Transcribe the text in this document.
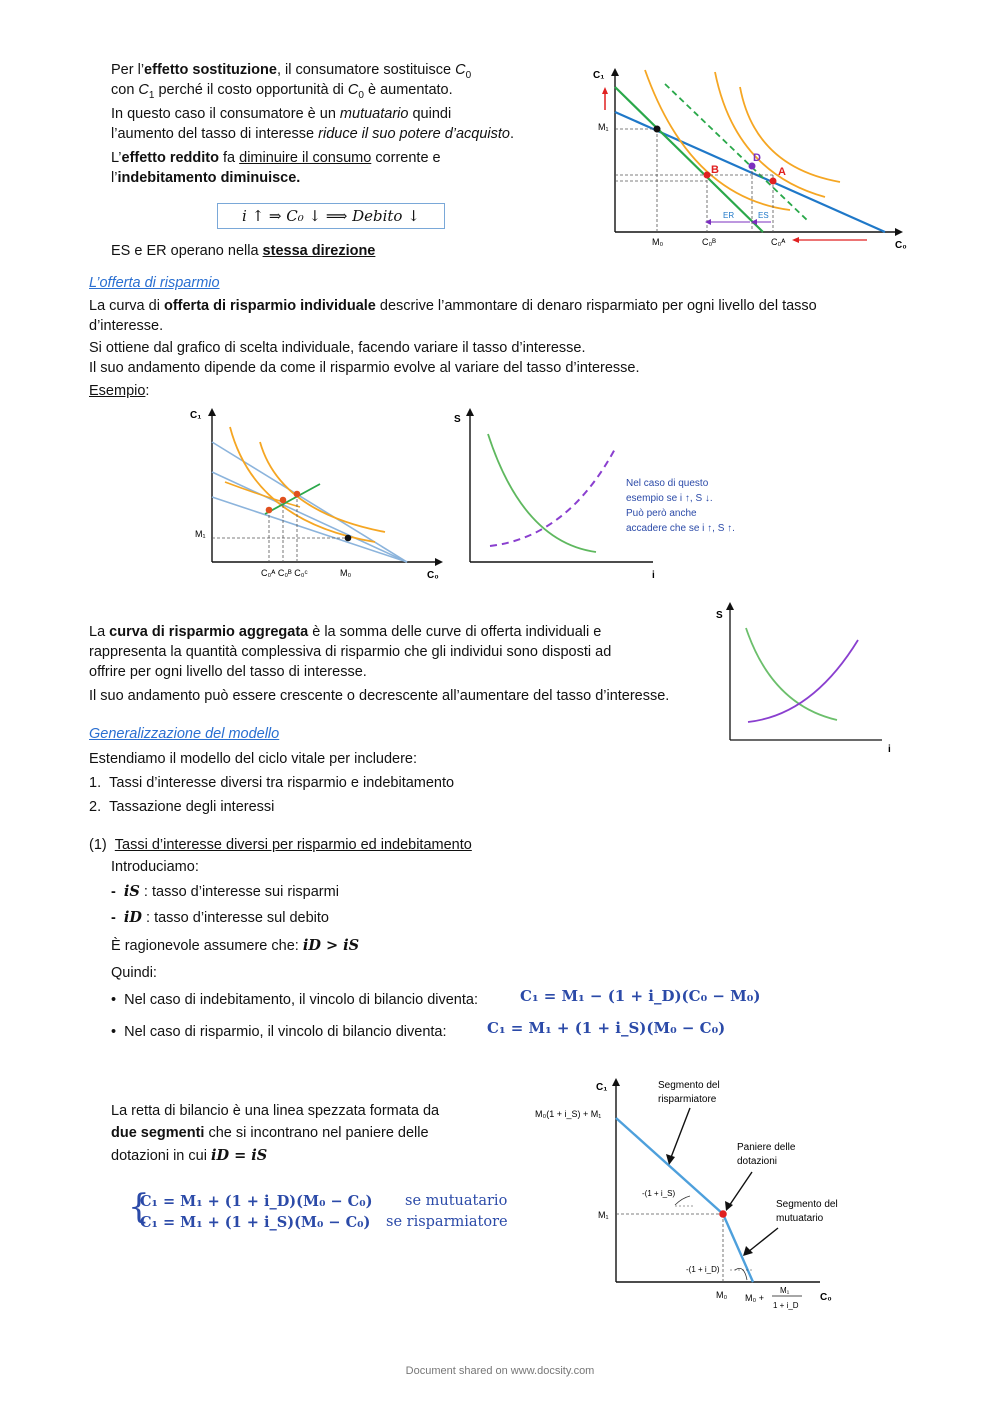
Per l’effetto sostituzione, il consumatore sostituisce $C_0$
con $C_1$ perché il costo opportunità di $C_0$ è aumentato.
In questo caso il consumatore è un mutuatario quindi
l’aumento del tasso di interesse riduce il suo potere d’acquisto.
L’effetto reddito fa diminuire il consumo corrente e
l’indebitamento diminuisce.
i ↑ ⇒ C₀ ↓ ⟹ Debito ↓
ES e ER operano nella stessa direzione
C₁
C₀
M₁
M₀	C₀ᴮ	C₀ᴬ
ER	ES
B	A
D
L’offerta di risparmio
La curva di offerta di risparmio individuale descrive l’ammontare di denaro risparmiato per ogni livello del tasso
d’interesse.
Si ottiene dal grafico di scelta individuale, facendo variare il tasso d’interesse.
Il suo andamento dipende da come il risparmio evolve al variare del tasso d’interesse.
Esempio:
C₁
C₀
M₁
M₀
C₀ᴬ C₀ᴮ C₀ᶜ
S
i
Nel caso di questo
esempio se i ↑, S ↓.
Può però anche
accadere che se i ↑, S ↑.
La curva di risparmio aggregata è la somma delle curve di offerta individuali e
rappresenta la quantità complessiva di risparmio che gli individui sono disposti ad
offrire per ogni livello del tasso di interesse.
Il suo andamento può essere crescente o decrescente all’aumentare del tasso d’interesse.
S
i
Generalizzazione del modello
Estendiamo il modello del ciclo vitale per includere:
1. Tassi d’interesse diversi tra risparmio e indebitamento
2. Tassazione degli interessi
(1) Tassi d’interesse diversi per risparmio ed indebitamento
Introduciamo:
- iS : tasso d’interesse sui risparmi
- iD : tasso d’interesse sul debito
È ragionevole assumere che: iD > iS
Quindi:
• Nel caso di indebitamento, il vincolo di bilancio diventa:	C₁ = M₁ − (1 + i_D)(C₀ − M₀)
• Nel caso di risparmio, il vincolo di bilancio diventa:	C₁ = M₁ + (1 + i_S)(M₀ − C₀)
La retta di bilancio è una linea spezzata formata da
due segmenti che si incontrano nel paniere delle
dotazioni in cui iD = iS
{
C₁ = M₁ + (1 + i_D)(M₀ − C₀) se mutuatario
C₁ = M₁ + (1 + i_S)(M₀ − C₀) se risparmiatore
C₁
C₀
M₀(1 + i_S) + M₁
M₁
M₀ M₀ +
M₁
1 + i_D
-(1 + i_S)
-(1 + i_D)
Segmento del
risparmiatore
Paniere delle
dotazioni
Segmento del
mutuatario
Document shared on www.docsity.com
